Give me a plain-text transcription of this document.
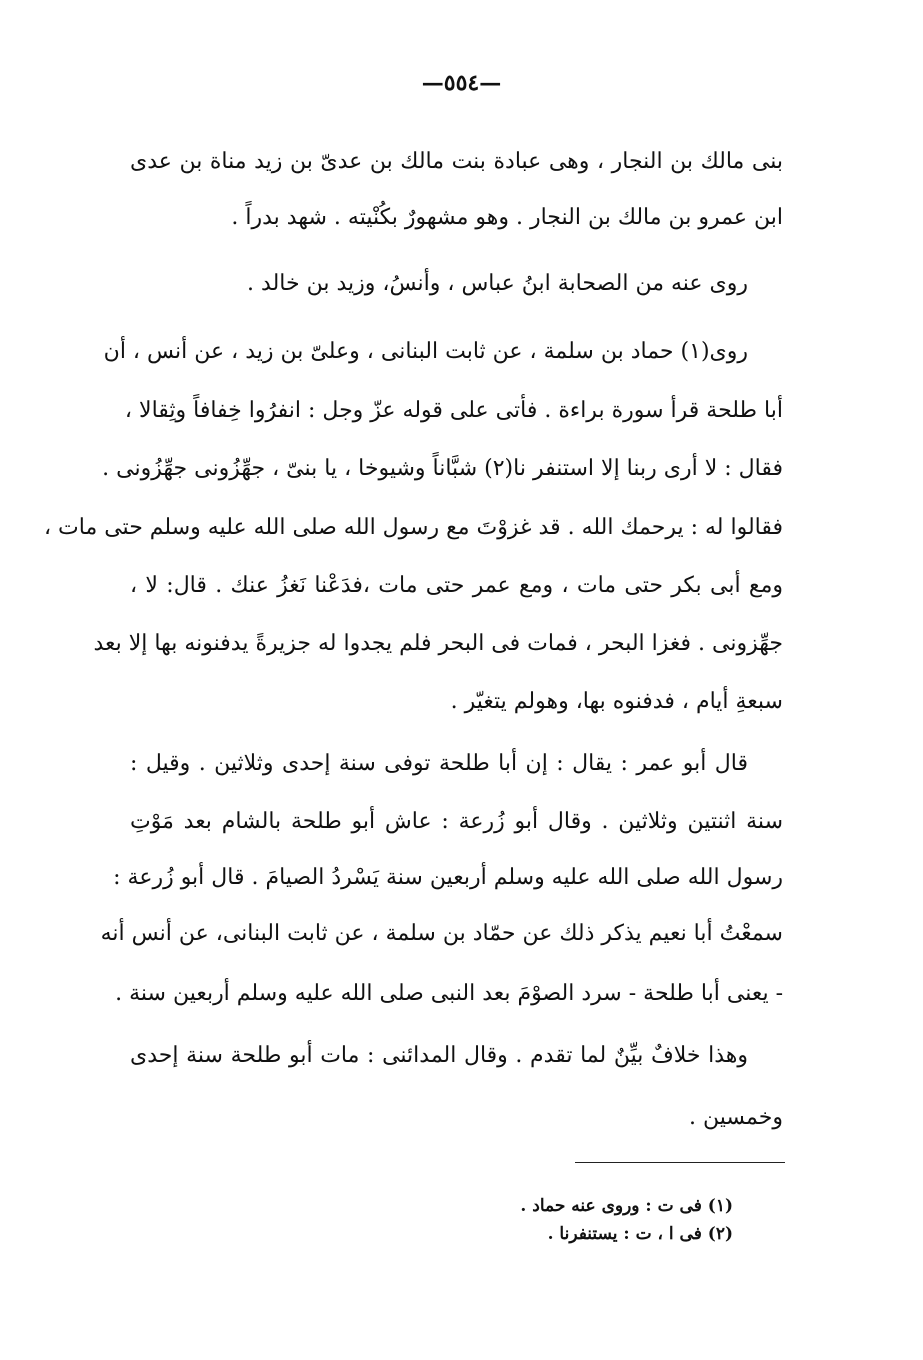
—٥٥٤—
بنى مالك بن النجار ، وهى عبادة بنت مالك بن عدىّ بن زيد مناة بن عدى
ابن عمرو بن مالك بن النجار . وهو مشهورٌ بكُنْيته . شهد بدراً .
روى عنه من الصحابة ابنُ عباس ، وأنسُ، وزيد بن خالد .
روى(١) حماد بن سلمة ، عن ثابت البنانى ، وعلىّ بن زيد ، عن أنس ، أن
أبا طلحة قرأ سورة براءة . فأتى على قوله عزّ وجل : انفرُوا خِفافاً وثِقالا ،
فقال : لا أرى ربنا إلا استنفر نا(٢) شبَّاناً وشيوخا ، يا بنىّ ، جهِّزُونى جهِّزُونى .
فقالوا له : يرحمك الله . قد غزوْتَ مع رسول الله صلى الله عليه وسلم حتى مات ،
ومع أبى بكر حتى مات ، ومع عمر حتى مات ،فدَعْنا نَغزُ عنك . قال: لا ،
جهِّزونى . فغزا البحر ، فمات فى البحر فلم يجدوا له جزيرةً يدفنونه بها إلا بعد
سبعةِ أيام ، فدفنوه بها، وهولم يتغيّر .
قال أبو عمر : يقال : إن أبا طلحة توفى سنة إحدى وثلاثين . وقيل :
سنة اثنتين وثلاثين . وقال أبو زُرعة : عاش أبو طلحة بالشام بعد مَوْتِ
رسول الله صلى الله عليه وسلم أربعين سنة يَسْردُ الصيامَ . قال أبو زُرعة :
سمعْتُ أبا نعيم يذكر ذلك عن حمّاد بن سلمة ، عن ثابت البنانى، عن أنس أنه
- يعنى أبا طلحة - سرد الصوْمَ بعد النبى صلى الله عليه وسلم أربعين سنة .
وهذا خلافٌ بيِّنٌ لما تقدم . وقال المدائنى : مات أبو طلحة سنة إحدى
وخمسين .
(١) فى ت : وروى عنه حماد .
(٢) فى ا ، ت : يستنفرنا .
